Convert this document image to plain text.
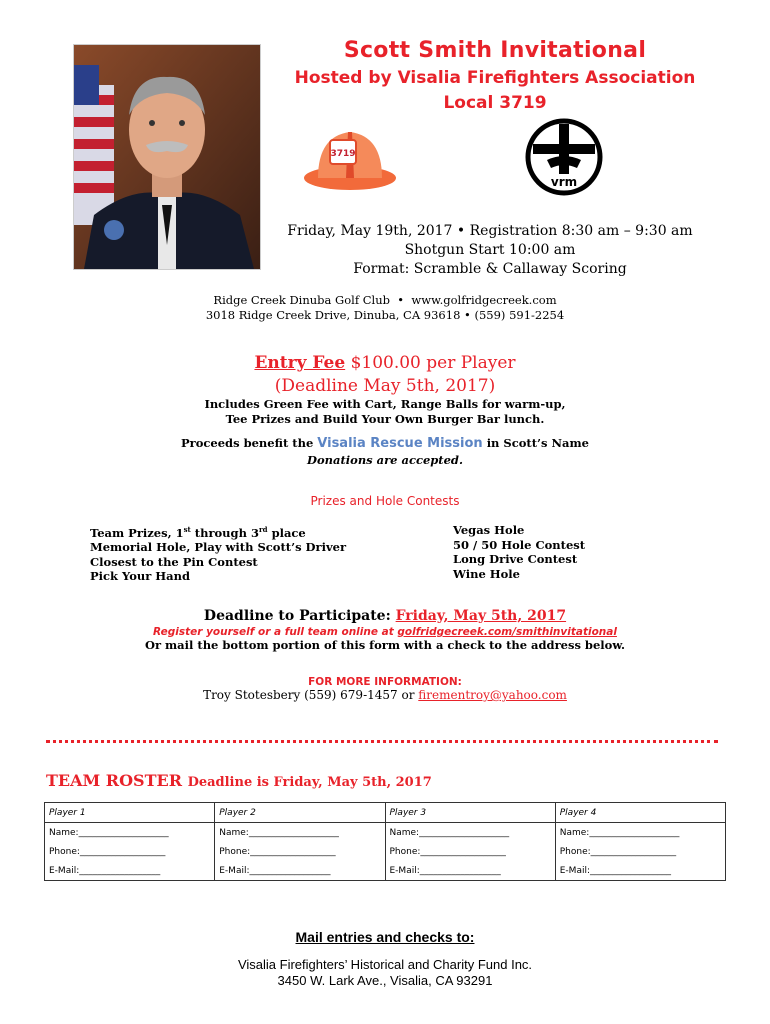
Scott Smith Invitational
Hosted by Visalia Firefighters Association
Local 3719
3719
vrm
Friday, May 19th, 2017 • Registration 8:30 am – 9:30 am
Shotgun Start 10:00 am
Format: Scramble & Callaway Scoring
Ridge Creek Dinuba Golf Club  •  www.golfridgecreek.com
3018 Ridge Creek Drive, Dinuba, CA 93618 • (559) 591-2254
Entry Fee $100.00 per Player
(Deadline May 5th, 2017)
Includes Green Fee with Cart, Range Balls for warm-up,
Tee Prizes and Build Your Own Burger Bar lunch.
Proceeds benefit the Visalia Rescue Mission in Scott’s Name
Donations are accepted.
Prizes and Hole Contests
Team Prizes, 1st through 3rd place
Memorial Hole, Play with Scott’s Driver
Closest to the Pin Contest
Pick Your Hand
Vegas Hole
50 / 50 Hole Contest
Long Drive Contest
Wine Hole
Deadline to Participate: Friday, May 5th, 2017
Register yourself or a full team online at golfridgecreek.com/smithinvitational
Or mail the bottom portion of this form with a check to the address below.
FOR MORE INFORMATION:
Troy Stotesbery (559) 679-1457 or firementroy@yahoo.com
TEAM ROSTER Deadline is Friday, May 5th, 2017
Player 1	Player 2	Player 3	Player 4
Name:____________________	Name:____________________	Name:____________________	Name:____________________
Phone:___________________	Phone:___________________	Phone:___________________	Phone:___________________
E-Mail:__________________	E-Mail:__________________	E-Mail:__________________	E-Mail:__________________
Mail entries and checks to:
Visalia Firefighters’ Historical and Charity Fund Inc.
3450 W. Lark Ave., Visalia, CA 93291
